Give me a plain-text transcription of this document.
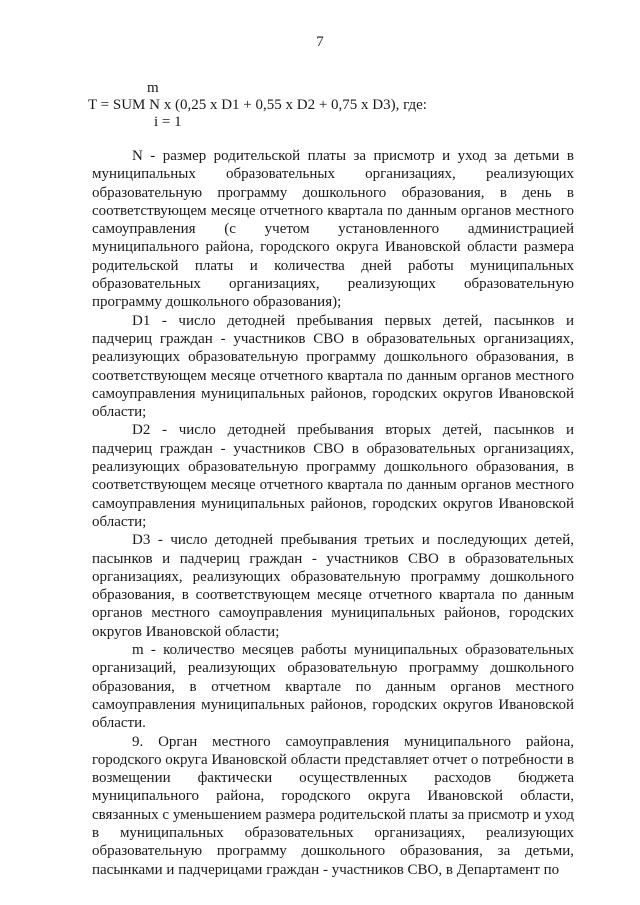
7
m
T = SUM N x (0,25 x D1 + 0,55 x D2 + 0,75 x D3), где:
i = 1

N - размер родительской платы за присмотр и уход за детьми в муниципальных образовательных организациях, реализующих образовательную программу дошкольного образования, в день в соответствующем месяце отчетного квартала по данным органов местного самоуправления (с учетом установленного администрацией муниципального района, городского округа Ивановской области размера родительской платы и количества дней работы муниципальных образовательных организациях, реализующих образовательную программу дошкольного образования);

D1 - число детодней пребывания первых детей, пасынков и падчериц граждан - участников СВО в образовательных организациях, реализующих образовательную программу дошкольного образования, в соответствующем месяце отчетного квартала по данным органов местного самоуправления муниципальных районов, городских округов Ивановской области;

D2 - число детодней пребывания вторых детей, пасынков и падчериц граждан - участников СВО в образовательных организациях, реализующих образовательную программу дошкольного образования, в соответствующем месяце отчетного квартала по данным органов местного самоуправления муниципальных районов, городских округов Ивановской области;

D3 - число детодней пребывания третьих и последующих детей, пасынков и падчериц граждан - участников СВО в образовательных организациях, реализующих образовательную программу дошкольного образования, в соответствующем месяце отчетного квартала по данным органов местного самоуправления муниципальных районов, городских округов Ивановской области;

m - количество месяцев работы муниципальных образовательных организаций, реализующих образовательную программу дошкольного образования, в отчетном квартале по данным органов местного самоуправления муниципальных районов, городских округов Ивановской области.

9. Орган местного самоуправления муниципального района, городского округа Ивановской области представляет отчет о потребности в возмещении фактически осуществленных расходов бюджета муниципального района, городского округа Ивановской области, связанных с уменьшением размера родительской платы за присмотр и уход в муниципальных образовательных организациях, реализующих образовательную программу дошкольного образования, за детьми, пасынками и падчерицами граждан - участников СВО, в Департамент по
